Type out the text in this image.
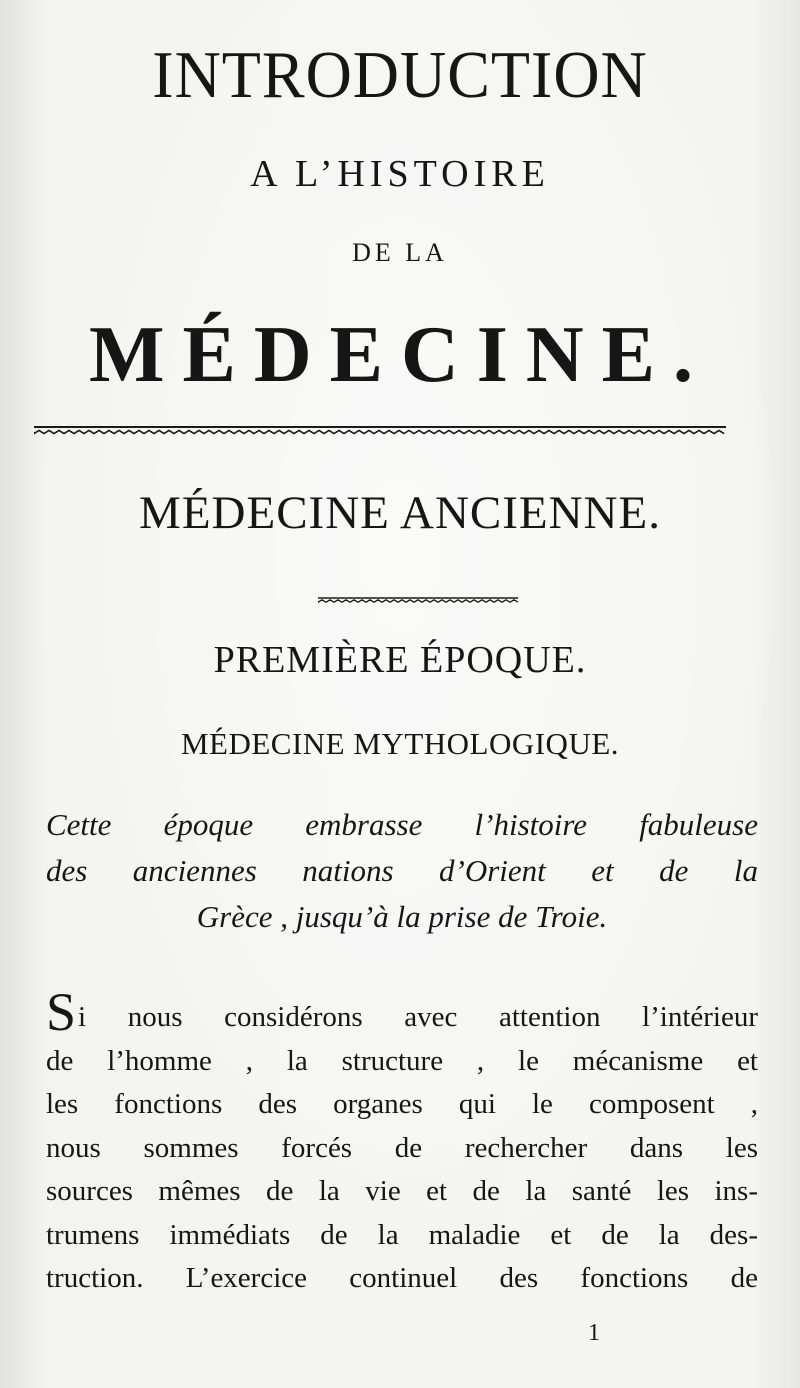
INTRODUCTION
A L’HISTOIRE
DE LA
MÉDECINE.
MÉDECINE ANCIENNE.
PREMIÈRE ÉPOQUE.
MÉDECINE MYTHOLOGIQUE.
Cette époque embrasse l’histoire fabuleuse
des anciennes nations d’Orient et de la
Grèce , jusqu’à la prise de Troie.
Si nous considérons avec attention l’intérieur
de l’homme , la structure , le mécanisme et
les fonctions des organes qui le composent ,
nous sommes forcés de rechercher dans les
sources mêmes de la vie et de la santé les ins-
trumens immédiats de la maladie et de la des-
truction. L’exercice continuel des fonctions de
1
